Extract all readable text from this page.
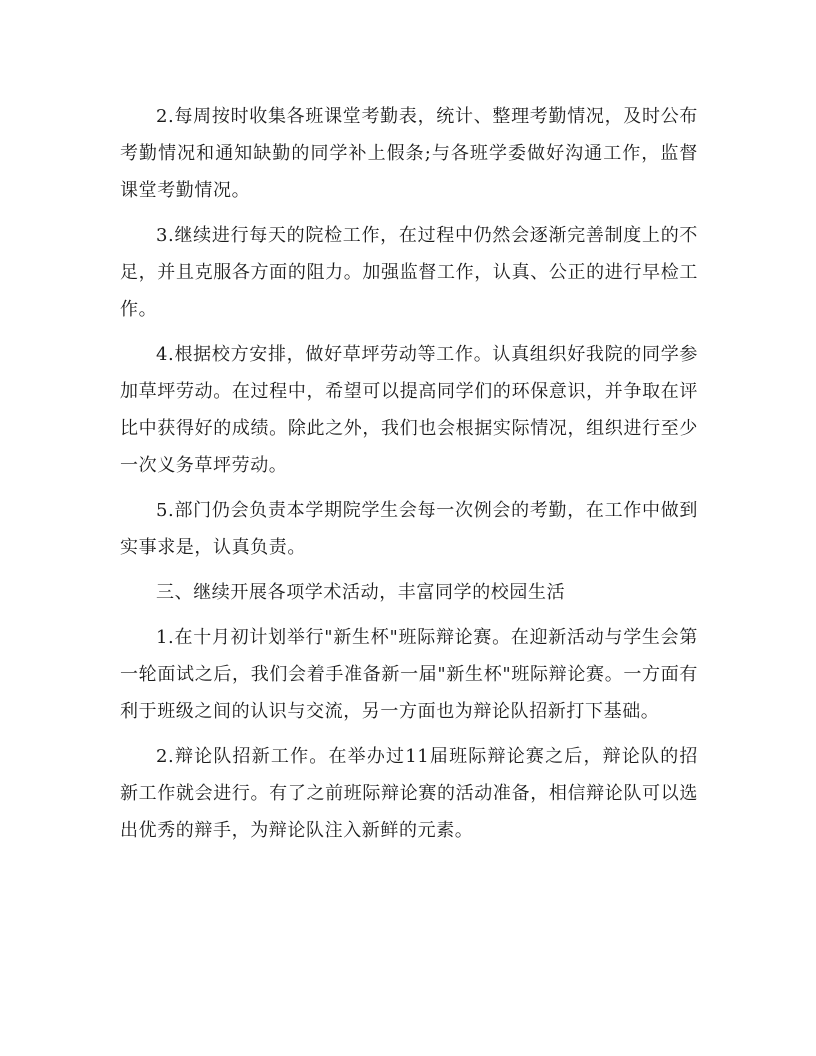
2.每周按时收集各班课堂考勤表，统计、整理考勤情况，及时公布考勤情况和通知缺勤的同学补上假条;与各班学委做好沟通工作，监督课堂考勤情况。

3.继续进行每天的院检工作，在过程中仍然会逐渐完善制度上的不足，并且克服各方面的阻力。加强监督工作，认真、公正的进行早检工作。

4.根据校方安排，做好草坪劳动等工作。认真组织好我院的同学参加草坪劳动。在过程中，希望可以提高同学们的环保意识，并争取在评比中获得好的成绩。除此之外，我们也会根据实际情况，组织进行至少一次义务草坪劳动。

5.部门仍会负责本学期院学生会每一次例会的考勤，在工作中做到实事求是，认真负责。

三、继续开展各项学术活动，丰富同学的校园生活

1.在十月初计划举行"新生杯"班际辩论赛。在迎新活动与学生会第一轮面试之后，我们会着手准备新一届"新生杯"班际辩论赛。一方面有利于班级之间的认识与交流，另一方面也为辩论队招新打下基础。

2.辩论队招新工作。在举办过11届班际辩论赛之后，辩论队的招新工作就会进行。有了之前班际辩论赛的活动准备，相信辩论队可以选出优秀的辩手，为辩论队注入新鲜的元素。
